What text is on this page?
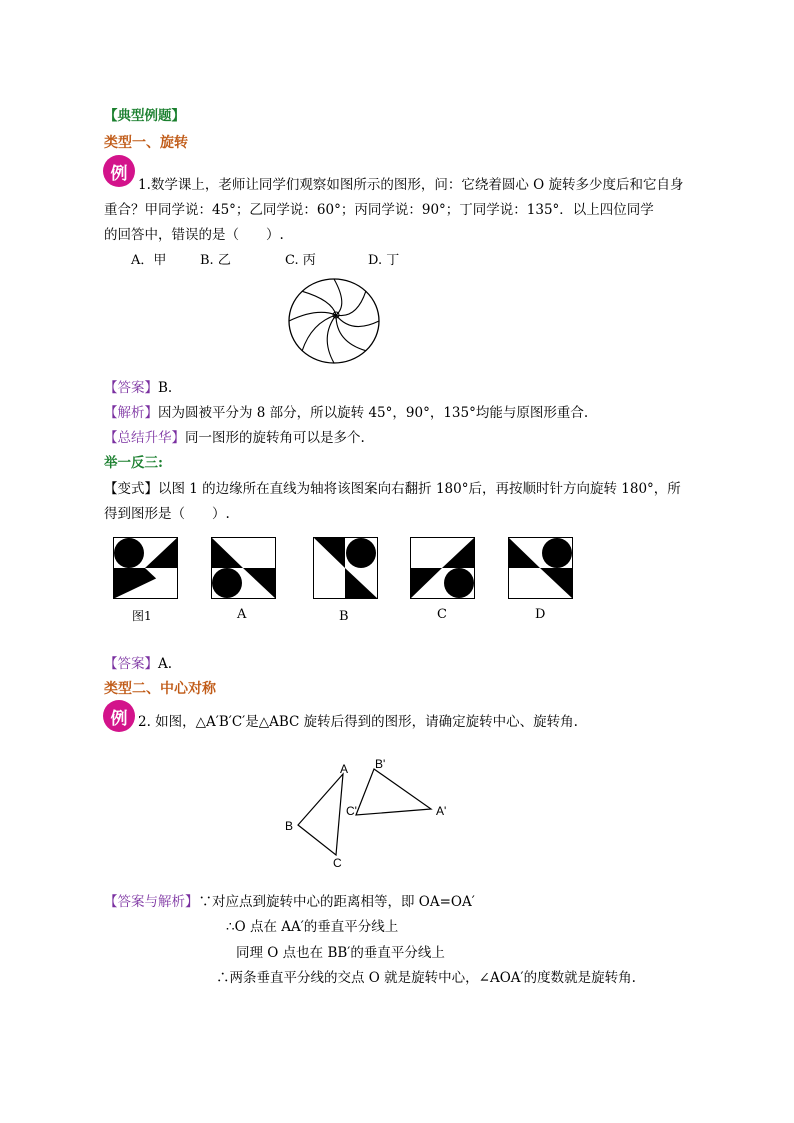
【典型例题】
类型一、旋转
例
1.数学课上，老师让同学们观察如图所示的图形，问：它绕着圆心 O 旋转多少度后和它自身
重合？甲同学说：45°；乙同学说：60°；丙同学说：90°；丁同学说：135°．以上四位同学
的回答中，错误的是（　　）.
A．甲	B. 乙	C. 丙	D. 丁
【答案】B.
【解析】因为圆被平分为 8 部分，所以旋转 45°，90°，135°均能与原图形重合.
【总结升华】同一图形的旋转角可以是多个.
举一反三:
【变式】以图 1 的边缘所在直线为轴将该图案向右翻折 180°后，再按顺时针方向旋转 180°，所
得到图形是（　　）.
图1	A	B	C	D
【答案】A.
类型二、中心对称
例 2. 如图，△A′B′C′是△ABC 旋转后得到的图形，请确定旋转中心、旋转角.
A
B
C
B'
C'	A'
【答案与解析】∵对应点到旋转中心的距离相等，即 OA=OA′
∴O 点在 AA′的垂直平分线上
同理 O 点也在 BB′的垂直平分线上
∴两条垂直平分线的交点 O 就是旋转中心，∠AOA′的度数就是旋转角.
